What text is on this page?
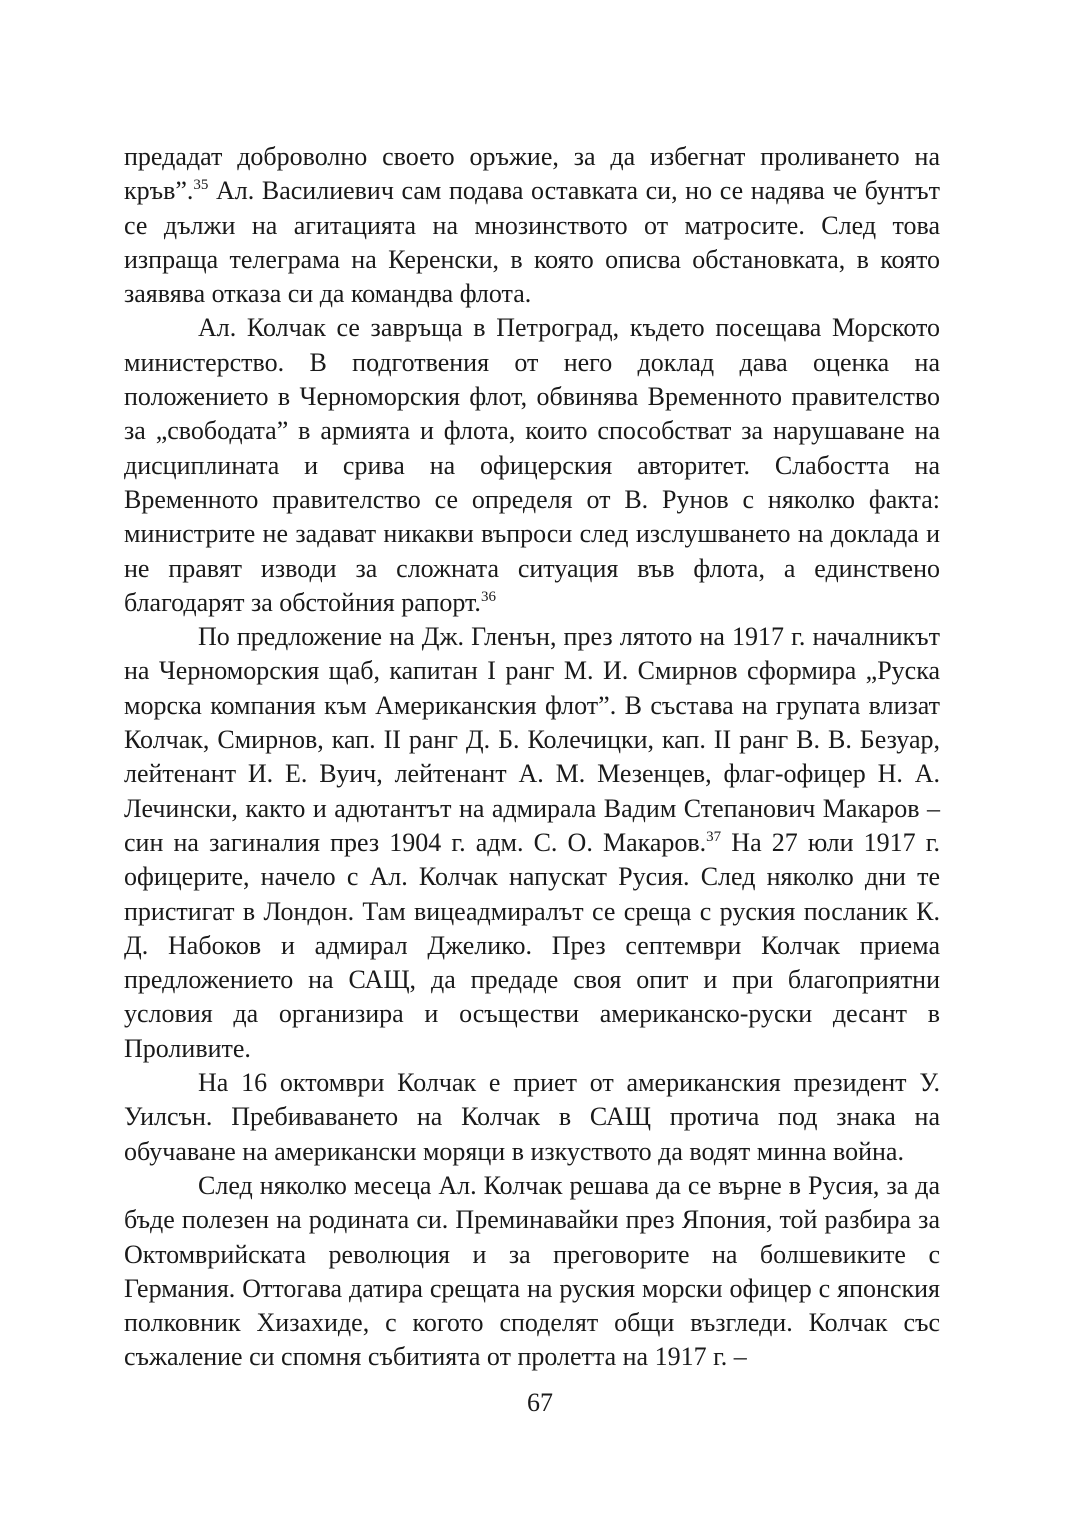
предадат доброволно своето оръжие, за да избегнат проливането на кръв”.$^{35}$ Ал. Василиевич сам подава оставката си, но се надява че бунтът се дължи на агитацията на мнозинството от матросите. След това изпраща телеграма на Керенски, в която описва обстановката, в която заявява отказа си да командва флота.

Ал. Колчак се завръща в Петроград, където посещава Морското министерство. В подготвения от него доклад дава оценка на положението в Черноморския флот, обвинява Временното правителство за „свободата” в армията и флота, които способстват за нарушаване на дисциплината и срива на офицерския авторитет. Слабостта на Временното правителство се определя от В. Рунов с няколко факта: министрите не задават никакви въпроси след изслушването на доклада и не правят изводи за сложната ситуация във флота, а единствено благодарят за обстойния рапорт.$^{36}$

По предложение на Дж. Гленън, през лятото на 1917 г. началникът на Черноморския щаб, капитан I ранг М. И. Смирнов сформира „Руска морска компания към Американския флот”. В състава на групата влизат Колчак, Смирнов, кап. II ранг Д. Б. Колечицки, кап. II ранг В. В. Безуар, лейтенант И. Е. Вуич, лейтенант А. М. Мезенцев, флаг-офицер Н. А. Лечински, както и адютантът на адмирала Вадим Степанович Макаров – син на загиналия през 1904 г. адм. С. О. Макаров.$^{37}$ На 27 юли 1917 г. офицерите, начело с Ал. Колчак напускат Русия. След няколко дни те пристигат в Лондон. Там вицеадмиралът се среща с руския посланик К. Д. Набоков и адмирал Джелико. През септември Колчак приема предложението на САЩ, да предаде своя опит и при благоприятни условия да организира и осъществи американско-руски десант в Проливите.

На 16 октомври Колчак е приет от американския президент У. Уилсън. Пребиваването на Колчак в САЩ протича под знака на обучаване на американски моряци в изкуството да водят минна война.

След няколко месеца Ал. Колчак решава да се върне в Русия, за да бъде полезен на родината си. Преминавайки през Япония, той разбира за Октомврийската революция и за преговорите на болшевиките с Германия. Оттогава датира срещата на руския морски офицер с японския полковник Хизахиде, с когото споделят общи възгледи. Колчак със съжаление си спомня събитията от пролетта на 1917 г. –

67
